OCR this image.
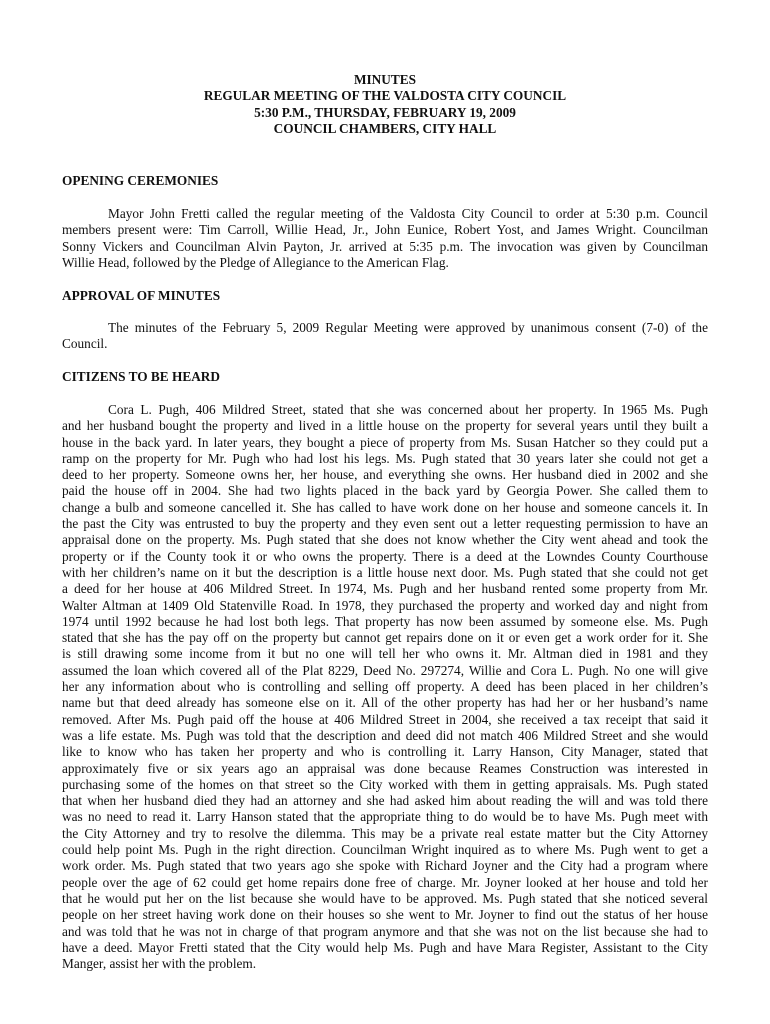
MINUTES
REGULAR MEETING OF THE VALDOSTA CITY COUNCIL
5:30 P.M., THURSDAY, FEBRUARY 19, 2009
COUNCIL CHAMBERS, CITY HALL
OPENING CEREMONIES
Mayor John Fretti called the regular meeting of the Valdosta City Council to order at 5:30 p.m. Council
members present were: Tim Carroll, Willie Head, Jr., John Eunice, Robert Yost, and James Wright. Councilman
Sonny Vickers and Councilman Alvin Payton, Jr. arrived at 5:35 p.m. The invocation was given by Councilman
Willie Head, followed by the Pledge of Allegiance to the American Flag.
APPROVAL OF MINUTES
The minutes of the February 5, 2009 Regular Meeting were approved by unanimous consent (7-0) of the
Council.
CITIZENS TO BE HEARD
Cora L. Pugh, 406 Mildred Street, stated that she was concerned about her property. In 1965 Ms. Pugh
and her husband bought the property and lived in a little house on the property for several years until they built a
house in the back yard. In later years, they bought a piece of property from Ms. Susan Hatcher so they could put a
ramp on the property for Mr. Pugh who had lost his legs. Ms. Pugh stated that 30 years later she could not get a
deed to her property. Someone owns her, her house, and everything she owns. Her husband died in 2002 and she
paid the house off in 2004. She had two lights placed in the back yard by Georgia Power. She called them to
change a bulb and someone cancelled it. She has called to have work done on her house and someone cancels it. In
the past the City was entrusted to buy the property and they even sent out a letter requesting permission to have an
appraisal done on the property. Ms. Pugh stated that she does not know whether the City went ahead and took the
property or if the County took it or who owns the property. There is a deed at the Lowndes County Courthouse
with her children’s name on it but the description is a little house next door. Ms. Pugh stated that she could not get
a deed for her house at 406 Mildred Street. In 1974, Ms. Pugh and her husband rented some property from Mr.
Walter Altman at 1409 Old Statenville Road. In 1978, they purchased the property and worked day and night from
1974 until 1992 because he had lost both legs. That property has now been assumed by someone else. Ms. Pugh
stated that she has the pay off on the property but cannot get repairs done on it or even get a work order for it. She
is still drawing some income from it but no one will tell her who owns it. Mr. Altman died in 1981 and they
assumed the loan which covered all of the Plat 8229, Deed No. 297274, Willie and Cora L. Pugh. No one will give
her any information about who is controlling and selling off property. A deed has been placed in her children’s
name but that deed already has someone else on it. All of the other property has had her or her husband’s name
removed. After Ms. Pugh paid off the house at 406 Mildred Street in 2004, she received a tax receipt that said it
was a life estate. Ms. Pugh was told that the description and deed did not match 406 Mildred Street and she would
like to know who has taken her property and who is controlling it. Larry Hanson, City Manager, stated that
approximately five or six years ago an appraisal was done because Reames Construction was interested in
purchasing some of the homes on that street so the City worked with them in getting appraisals. Ms. Pugh stated
that when her husband died they had an attorney and she had asked him about reading the will and was told there
was no need to read it. Larry Hanson stated that the appropriate thing to do would be to have Ms. Pugh meet with
the City Attorney and try to resolve the dilemma. This may be a private real estate matter but the City Attorney
could help point Ms. Pugh in the right direction. Councilman Wright inquired as to where Ms. Pugh went to get a
work order. Ms. Pugh stated that two years ago she spoke with Richard Joyner and the City had a program where
people over the age of 62 could get home repairs done free of charge. Mr. Joyner looked at her house and told her
that he would put her on the list because she would have to be approved. Ms. Pugh stated that she noticed several
people on her street having work done on their houses so she went to Mr. Joyner to find out the status of her house
and was told that he was not in charge of that program anymore and that she was not on the list because she had to
have a deed. Mayor Fretti stated that the City would help Ms. Pugh and have Mara Register, Assistant to the City
Manger, assist her with the problem.
